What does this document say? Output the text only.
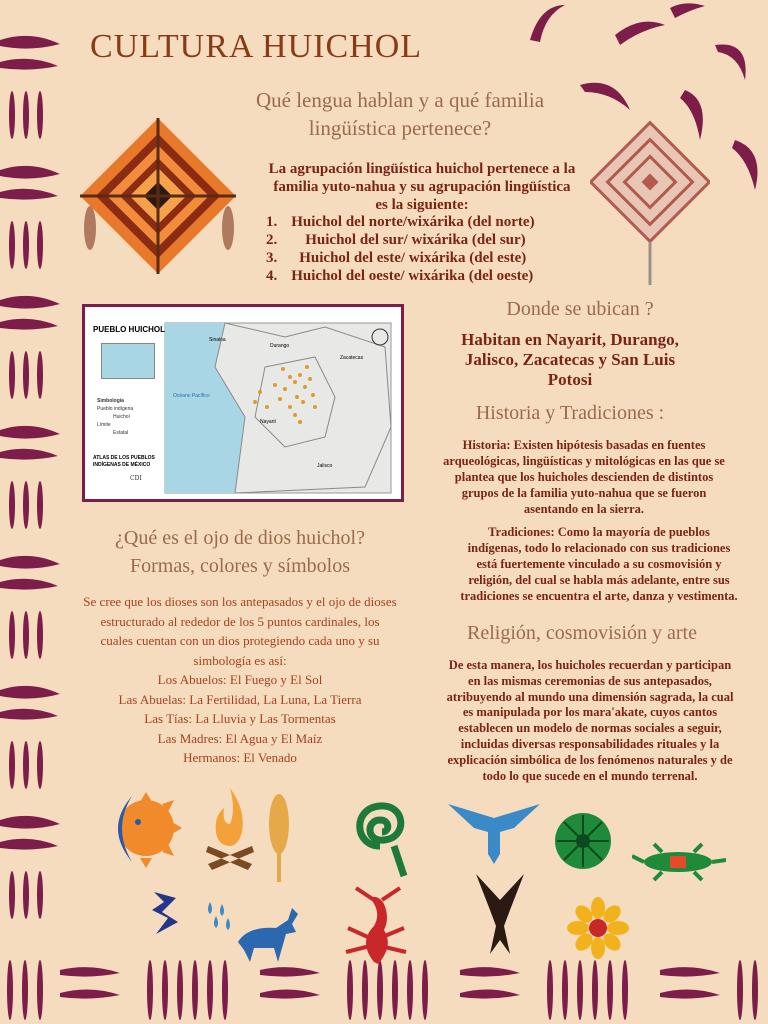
CULTURA HUICHOL
Qué lengua hablan y a qué familia
lingüística pertenece?
La agrupación lingüística huichol pertenece a la
familia yuto-nahua y su agrupación lingüística
es la siguiente:
1. Huichol del norte/wixárika (del norte)
2. Huichol del sur/ wixárika (del sur)
3. Huichol del este/ wixárika (del este)
4. Huichol del oeste/ wixárika (del oeste)
PUEBLO HUICHOL
Simbología
Pueblo indígena
Huichol
Límite
Estatal
ATLAS DE LOS PUEBLOS
INDÍGENAS DE MÉXICO
CDI
Océano Pacífico
Sinaloa
Durango
Zacatecas
Nayarit
Jalisco
Donde se ubican ?
Habitan en Nayarit, Durango,
Jalisco, Zacatecas y San Luis
Potosi
Historia y Tradiciones :
Historia: Existen hipótesis basadas en fuentes
arqueológicas, lingüísticas y mitológicas en las que se
plantea que los huicholes descienden de distintos
grupos de la familia yuto-nahua que se fueron
asentando en la sierra.
Tradiciones: Como la mayoría de pueblos
indígenas, todo lo relacionado con sus tradiciones
está fuertemente vinculado a su cosmovisión y
religión, del cual se habla más adelante, entre sus
tradiciones se encuentra el arte, danza y vestimenta.
¿Qué es el ojo de dios huichol?
Formas, colores y símbolos
Se cree que los dioses son los antepasados y el ojo de dioses
estructurado al rededor de los 5 puntos cardinales, los
cuales cuentan con un dios protegiendo cada uno y su
simbología es así:
Los Abuelos: El Fuego y El Sol
Las Abuelas: La Fertilidad, La Luna, La Tierra
Las Tías: La Lluvia y Las Tormentas
Las Madres: El Agua y El Maíz
Hermanos: El Venado
Religión, cosmovisión y arte
De esta manera, los huicholes recuerdan y participan
en las mismas ceremonias de sus antepasados,
atribuyendo al mundo una dimensión sagrada, la cual
es manipulada por los mara'akate, cuyos cantos
establecen un modelo de normas sociales a seguir,
incluidas diversas responsabilidades rituales y la
explicación simbólica de los fenómenos naturales y de
todo lo que sucede en el mundo terrenal.
